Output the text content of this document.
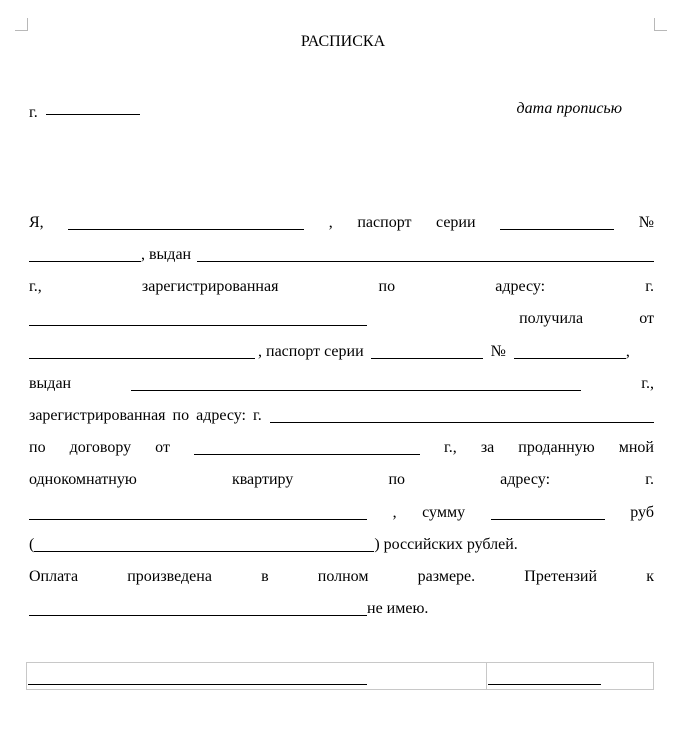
РАСПИСКА
г.	дата прописью
Я,	, паспорт серии	№
, выдан
г.,	зарегистрированная	по	адресу:	г.
получила	от
, паспорт серии	№	,
выдан	г.,
зарегистрированная по адресу: г.
по договору от	г., за проданную мной
однокомнатную	квартиру	по	адресу:	г.
, сумму	руб
(	) российских рублей.
Оплата	произведена	в	полном	размере.	Претензий	к
не имею.
